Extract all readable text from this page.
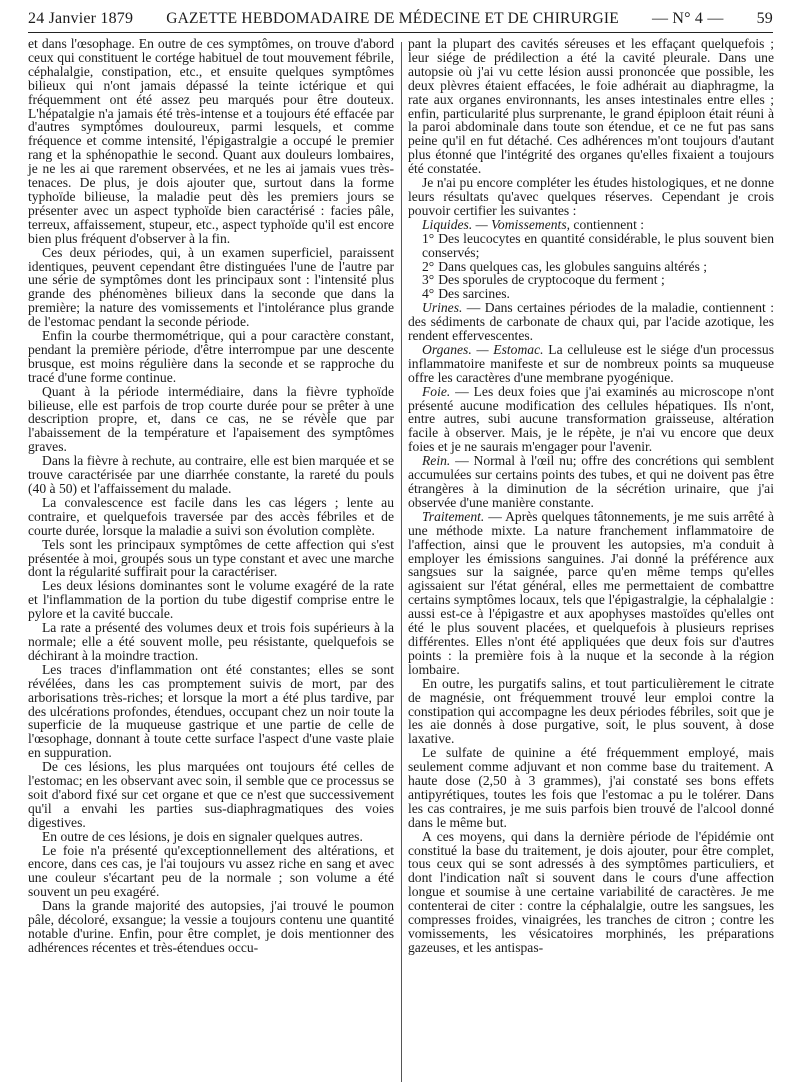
24 Janvier 1879 GAZETTE HEBDOMADAIRE DE MÉDECINE ET DE CHIRURGIE — N° 4 — 59

et dans l'œsophage. En outre de ces symptômes, on trouve d'abord ceux qui constituent le cortége habituel de tout mouvement fébrile, céphalalgie, constipation, etc., et ensuite quelques symptômes bilieux qui n'ont jamais dépassé la teinte ictérique et qui fréquemment ont été assez peu marqués pour être douteux. L'hépatalgie n'a jamais été très-intense et a toujours été effacée par d'autres symptômes douloureux, parmi lesquels, et comme fréquence et comme intensité, l'épigastralgie a occupé le premier rang et la sphénopathie le second. Quant aux douleurs lombaires, je ne les ai que rarement observées, et ne les ai jamais vues très-tenaces. De plus, je dois ajouter que, surtout dans la forme typhoïde bilieuse, la maladie peut dès les premiers jours se présenter avec un aspect typhoïde bien caractérisé : facies pâle, terreux, affaissement, stupeur, etc., aspect typhoïde qu'il est encore bien plus fréquent d'observer à la fin.

Ces deux périodes, qui, à un examen superficiel, paraissent identiques, peuvent cependant être distinguées l'une de l'autre par une série de symptômes dont les principaux sont : l'intensité plus grande des phénomènes bilieux dans la seconde que dans la première; la nature des vomissements et l'intolérance plus grande de l'estomac pendant la seconde période.

Enfin la courbe thermométrique, qui a pour caractère constant, pendant la première période, d'être interrompue par une descente brusque, est moins régulière dans la seconde et se rapproche du tracé d'une forme continue.

Quant à la période intermédiaire, dans la fièvre typhoïde bilieuse, elle est parfois de trop courte durée pour se prêter à une description propre, et, dans ce cas, ne se révèle que par l'abaissement de la température et l'apaisement des symptômes graves.

Dans la fièvre à rechute, au contraire, elle est bien marquée et se trouve caractérisée par une diarrhée constante, la rareté du pouls (40 à 50) et l'affaissement du malade.

La convalescence est facile dans les cas légers ; lente au contraire, et quelquefois traversée par des accès fébriles et de courte durée, lorsque la maladie a suivi son évolution complète.

Tels sont les principaux symptômes de cette affection qui s'est présentée à moi, groupés sous un type constant et avec une marche dont la régularité suffirait pour la caractériser.

Les deux lésions dominantes sont le volume exagéré de la rate et l'inflammation de la portion du tube digestif comprise entre le pylore et la cavité buccale.

La rate a présenté des volumes deux et trois fois supérieurs à la normale; elle a été souvent molle, peu résistante, quelquefois se déchirant à la moindre traction.

Les traces d'inflammation ont été constantes; elles se sont révélées, dans les cas promptement suivis de mort, par des arborisations très-riches; et lorsque la mort a été plus tardive, par des ulcérations profondes, étendues, occupant chez un noir toute la superficie de la muqueuse gastrique et une partie de celle de l'œsophage, donnant à toute cette surface l'aspect d'une vaste plaie en suppuration.

De ces lésions, les plus marquées ont toujours été celles de l'estomac; en les observant avec soin, il semble que ce processus se soit d'abord fixé sur cet organe et que ce n'est que successivement qu'il a envahi les parties sus-diaphragmatiques des voies digestives.

En outre de ces lésions, je dois en signaler quelques autres.

Le foie n'a présenté qu'exceptionnellement des altérations, et encore, dans ces cas, je l'ai toujours vu assez riche en sang et avec une couleur s'écartant peu de la normale ; son volume a été souvent un peu exagéré.

Dans la grande majorité des autopsies, j'ai trouvé le poumon pâle, décoloré, exsangue; la vessie a toujours contenu une quantité notable d'urine. Enfin, pour être complet, je dois mentionner des adhérences récentes et très-étendues occu-

pant la plupart des cavités séreuses et les effaçant quelquefois ; leur siége de prédilection a été la cavité pleurale. Dans une autopsie où j'ai vu cette lésion aussi prononcée que possible, les deux plèvres étaient effacées, le foie adhérait au diaphragme, la rate aux organes environnants, les anses intestinales entre elles ; enfin, particularité plus surprenante, le grand épiploon était réuni à la paroi abdominale dans toute son étendue, et ce ne fut pas sans peine qu'il en fut détaché. Ces adhérences m'ont toujours d'autant plus étonné que l'intégrité des organes qu'elles fixaient a toujours été constatée.

Je n'ai pu encore compléter les études histologiques, et ne donne leurs résultats qu'avec quelques réserves. Cependant je crois pouvoir certifier les suivantes :

Liquides. — Vomissements, contiennent :

1° Des leucocytes en quantité considérable, le plus souvent bien conservés;

2° Dans quelques cas, les globules sanguins altérés ;

3° Des sporules de cryptocoque du ferment ;

4° Des sarcines.

Urines. — Dans certaines périodes de la maladie, contiennent : des sédiments de carbonate de chaux qui, par l'acide azotique, les rendent effervescentes.

Organes. — Estomac. La celluleuse est le siége d'un processus inflammatoire manifeste et sur de nombreux points sa muqueuse offre les caractères d'une membrane pyogénique.

Foie. — Les deux foies que j'ai examinés au microscope n'ont présenté aucune modification des cellules hépatiques. Ils n'ont, entre autres, subi aucune transformation graisseuse, altération facile à observer. Mais, je le répète, je n'ai vu encore que deux foies et je ne saurais m'engager pour l'avenir.

Rein. — Normal à l'œil nu; offre des concrétions qui semblent accumulées sur certains points des tubes, et qui ne doivent pas être étrangères à la diminution de la sécrétion urinaire, que j'ai observée d'une manière constante.

Traitement. — Après quelques tâtonnements, je me suis arrêté à une méthode mixte. La nature franchement inflammatoire de l'affection, ainsi que le prouvent les autopsies, m'a conduit à employer les émissions sanguines. J'ai donné la préférence aux sangsues sur la saignée, parce qu'en même temps qu'elles agissaient sur l'état général, elles me permettaient de combattre certains symptômes locaux, tels que l'épigastralgie, la céphalalgie : aussi est-ce à l'épigastre et aux apophyses mastoïdes qu'elles ont été le plus souvent placées, et quelquefois à plusieurs reprises différentes. Elles n'ont été appliquées que deux fois sur d'autres points : la première fois à la nuque et la seconde à la région lombaire.

En outre, les purgatifs salins, et tout particulièrement le citrate de magnésie, ont fréquemment trouvé leur emploi contre la constipation qui accompagne les deux périodes fébriles, soit que je les aie donnés à dose purgative, soit, le plus souvent, à dose laxative.

Le sulfate de quinine a été fréquemment employé, mais seulement comme adjuvant et non comme base du traitement. A haute dose (2,50 à 3 grammes), j'ai constaté ses bons effets antipyrétiques, toutes les fois que l'estomac a pu le tolérer. Dans les cas contraires, je me suis parfois bien trouvé de l'alcool donné dans le même but.

A ces moyens, qui dans la dernière période de l'épidémie ont constitué la base du traitement, je dois ajouter, pour être complet, tous ceux qui se sont adressés à des symptômes particuliers, et dont l'indication naît si souvent dans le cours d'une affection longue et soumise à une certaine variabilité de caractères. Je me contenterai de citer : contre la céphalalgie, outre les sangsues, les compresses froides, vinaigrées, les tranches de citron ; contre les vomissements, les vésicatoires morphinés, les préparations gazeuses, et les antispas-
